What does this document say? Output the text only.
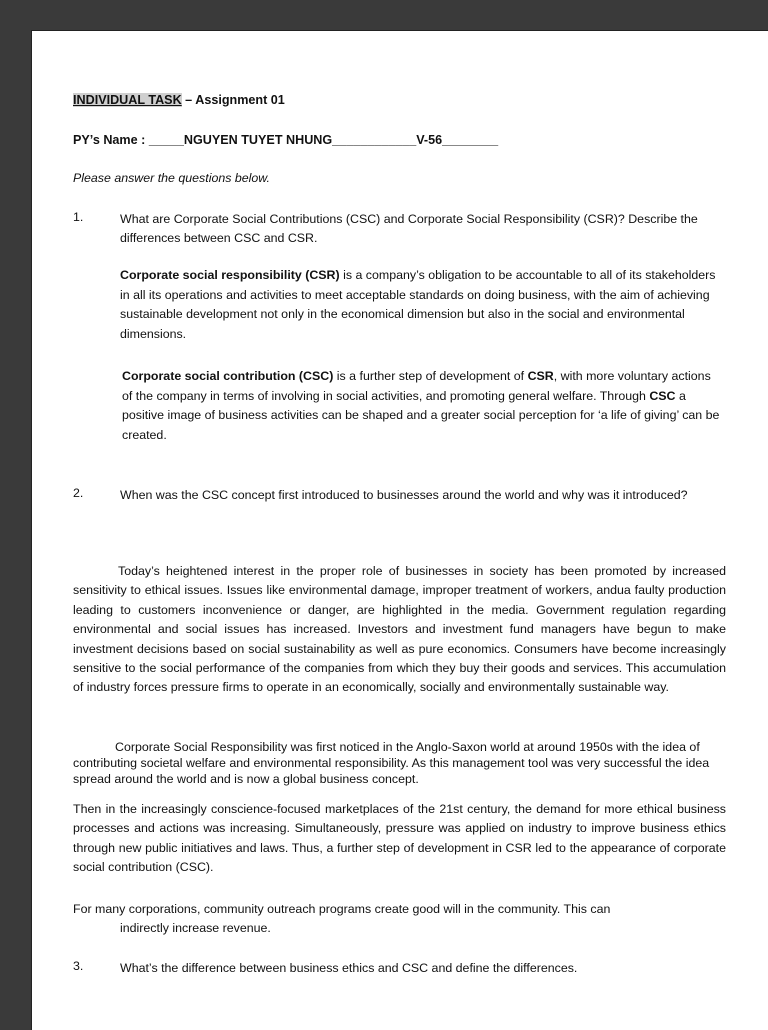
INDIVIDUAL TASK – Assignment 01
PY’s Name : _____NGUYEN TUYET NHUNG____________V-56________
Please answer the questions below.
1.	What are Corporate Social Contributions (CSC) and Corporate Social Responsibility (CSR)? Describe the differences between CSC and CSR.
Corporate social responsibility (CSR) is a company’s obligation to be accountable to all of its stakeholders in all its operations and activities to meet acceptable standards on doing business, with the aim of achieving sustainable development not only in the economical dimension but also in the social and environmental dimensions.
Corporate social contribution (CSC) is a further step of development of CSR, with more voluntary actions of the company in terms of involving in social activities, and promoting general welfare. Through CSC a positive image of business activities can be shaped and a greater social perception for ‘a life of giving’ can be created.
2.	When was the CSC concept first introduced to businesses around the world and why was it introduced?
Today’s heightened interest in the proper role of businesses in society has been promoted by increased sensitivity to ethical issues. Issues like environmental damage, improper treatment of workers, andua faulty production leading to customers inconvenience or danger, are highlighted in the media. Government regulation regarding environmental and social issues has increased. Investors and investment fund managers have begun to make investment decisions based on social sustainability as well as pure economics. Consumers have become increasingly sensitive to the social performance of the companies from which they buy their goods and services. This accumulation of industry forces pressure firms to operate in an economically, socially and environmentally sustainable way.
Corporate Social Responsibility was first noticed in the Anglo-Saxon world at around 1950s with the idea of contributing societal welfare and environmental responsibility. As this management tool was very successful the idea spread around the world and is now a global business concept.
Then in the increasingly conscience-focused marketplaces of the 21st century, the demand for more ethical business processes and actions was increasing. Simultaneously, pressure was applied on industry to improve business ethics through new public initiatives and laws. Thus, a further step of development in CSR led to the appearance of corporate social contribution (CSC).
For many corporations, community outreach programs create good will in the community. This can
indirectly increase revenue.
3.	What’s the difference between business ethics and CSC and define the differences.
